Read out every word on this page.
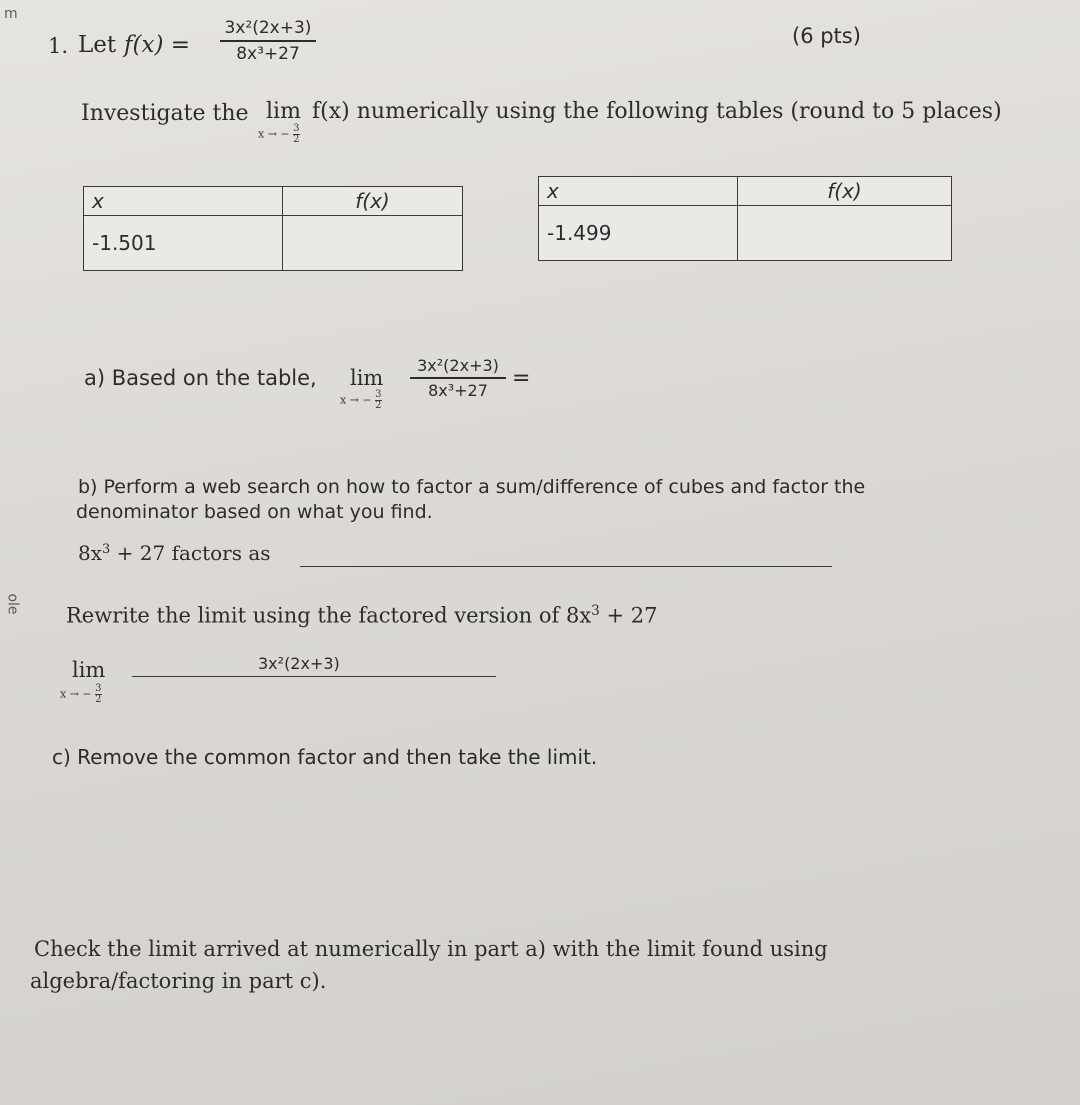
m
ole
1. Let f(x) =
3x²(2x+3)
8x³+27
(6 pts)
Investigate the lim
x → − $\frac{3}{2}$
f(x) numerically using the following tables (round to 5 places)
x	f(x)
-1.501	
x	f(x)
-1.499	
a) Based on the table, lim
x → − $\frac{3}{2}$
3x²(2x+3)
8x³+27	=
b) Perform a web search on how to factor a sum/difference of cubes and factor the
denominator based on what you find.
$8x^3 + 27$ factors as
Rewrite the limit using the factored version of $8x^3 + 27$
3x²(2x+3)
lim
x → − $\frac{3}{2}$
c) Remove the common factor and then take the limit.
Check the limit arrived at numerically in part a) with the limit found using
algebra/factoring in part c).
